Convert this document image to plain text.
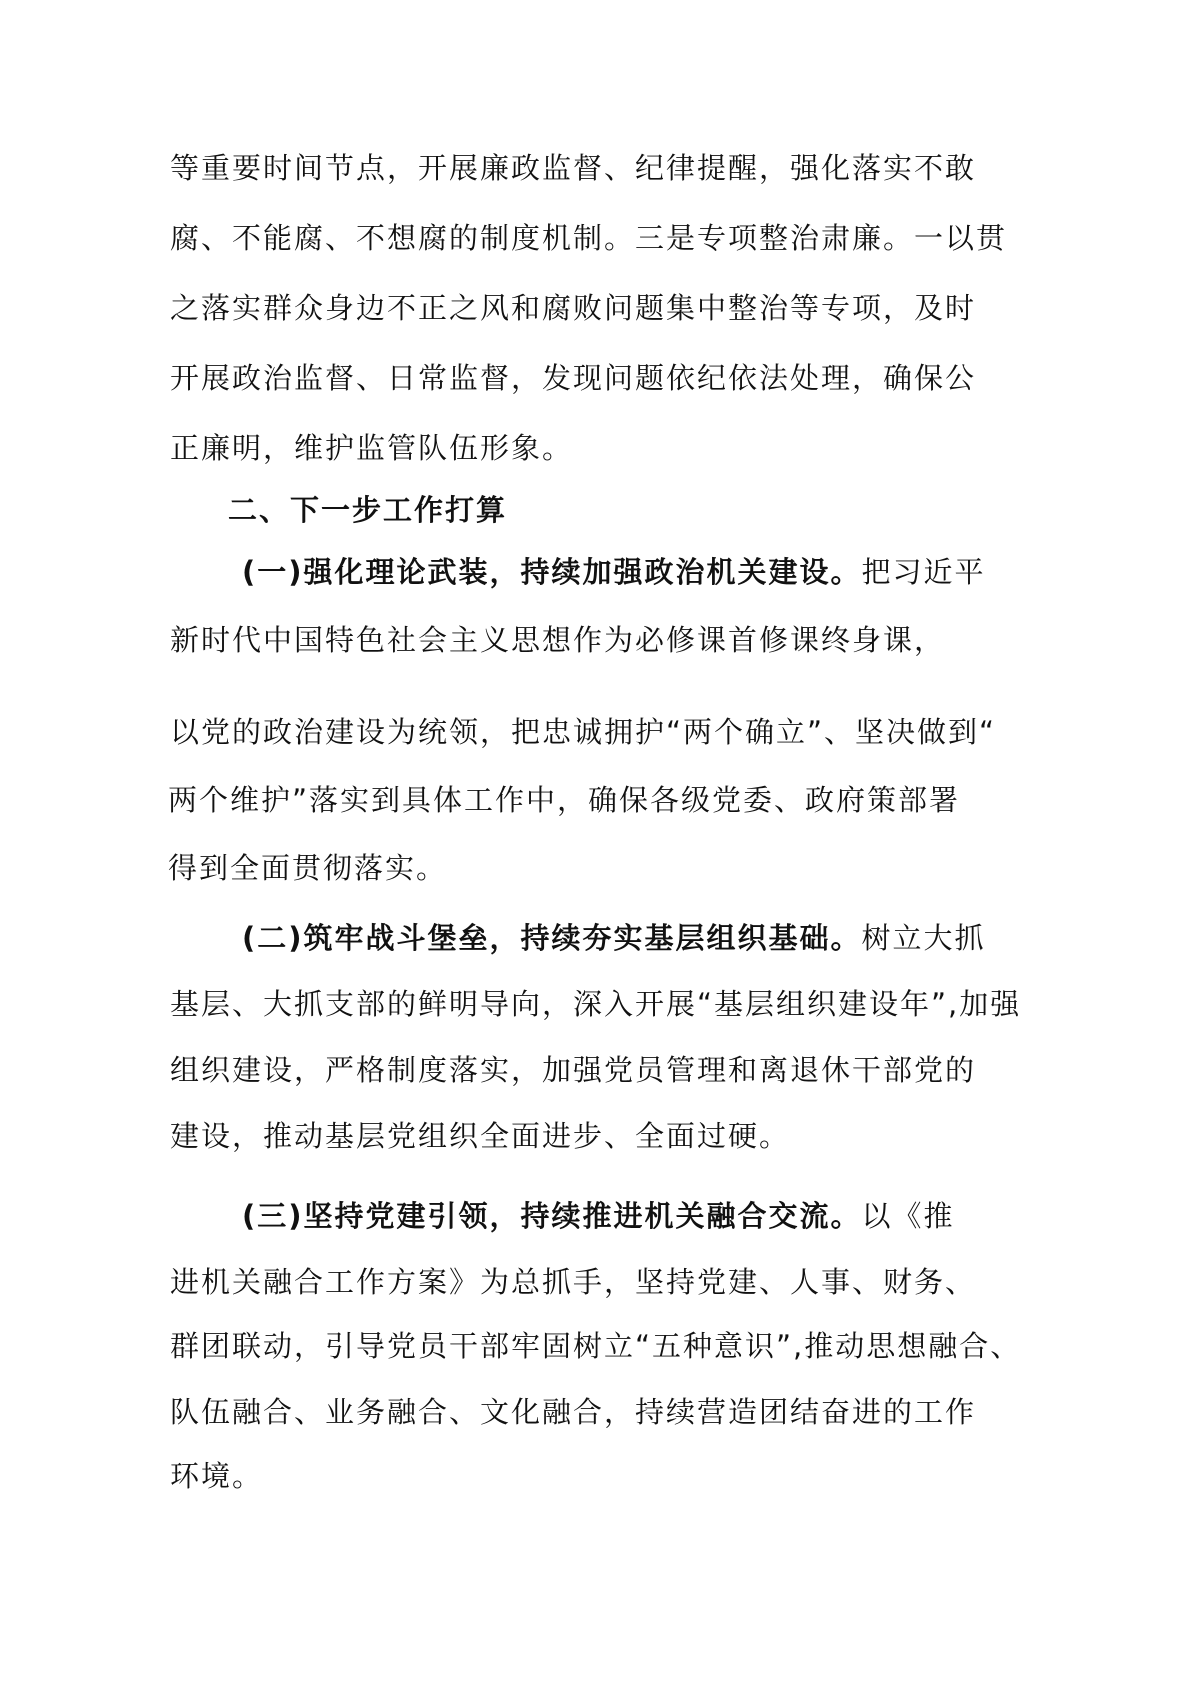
等重要时间节点，开展廉政监督、纪律提醒，强化落实不敢
腐、不能腐、不想腐的制度机制。三是专项整治肃廉。一以贯
之落实群众身边不正之风和腐败问题集中整治等专项，及时
开展政治监督、日常监督，发现问题依纪依法处理，确保公
正廉明，维护监管队伍形象。
二、下一步工作打算
(一)强化理论武装，持续加强政治机关建设。把习近平
新时代中国特色社会主义思想作为必修课首修课终身课，
以党的政治建设为统领，把忠诚拥护“两个确立”、坚决做到“
两个维护”落实到具体工作中，确保各级党委、政府策部署
得到全面贯彻落实。
(二)筑牢战斗堡垒，持续夯实基层组织基础。树立大抓
基层、大抓支部的鲜明导向，深入开展“基层组织建设年”,加强
组织建设，严格制度落实，加强党员管理和离退休干部党的
建设，推动基层党组织全面进步、全面过硬。
(三)坚持党建引领，持续推进机关融合交流。以《推
进机关融合工作方案》为总抓手，坚持党建、人事、财务、
群团联动，引导党员干部牢固树立“五种意识”,推动思想融合、
队伍融合、业务融合、文化融合，持续营造团结奋进的工作
环境。
